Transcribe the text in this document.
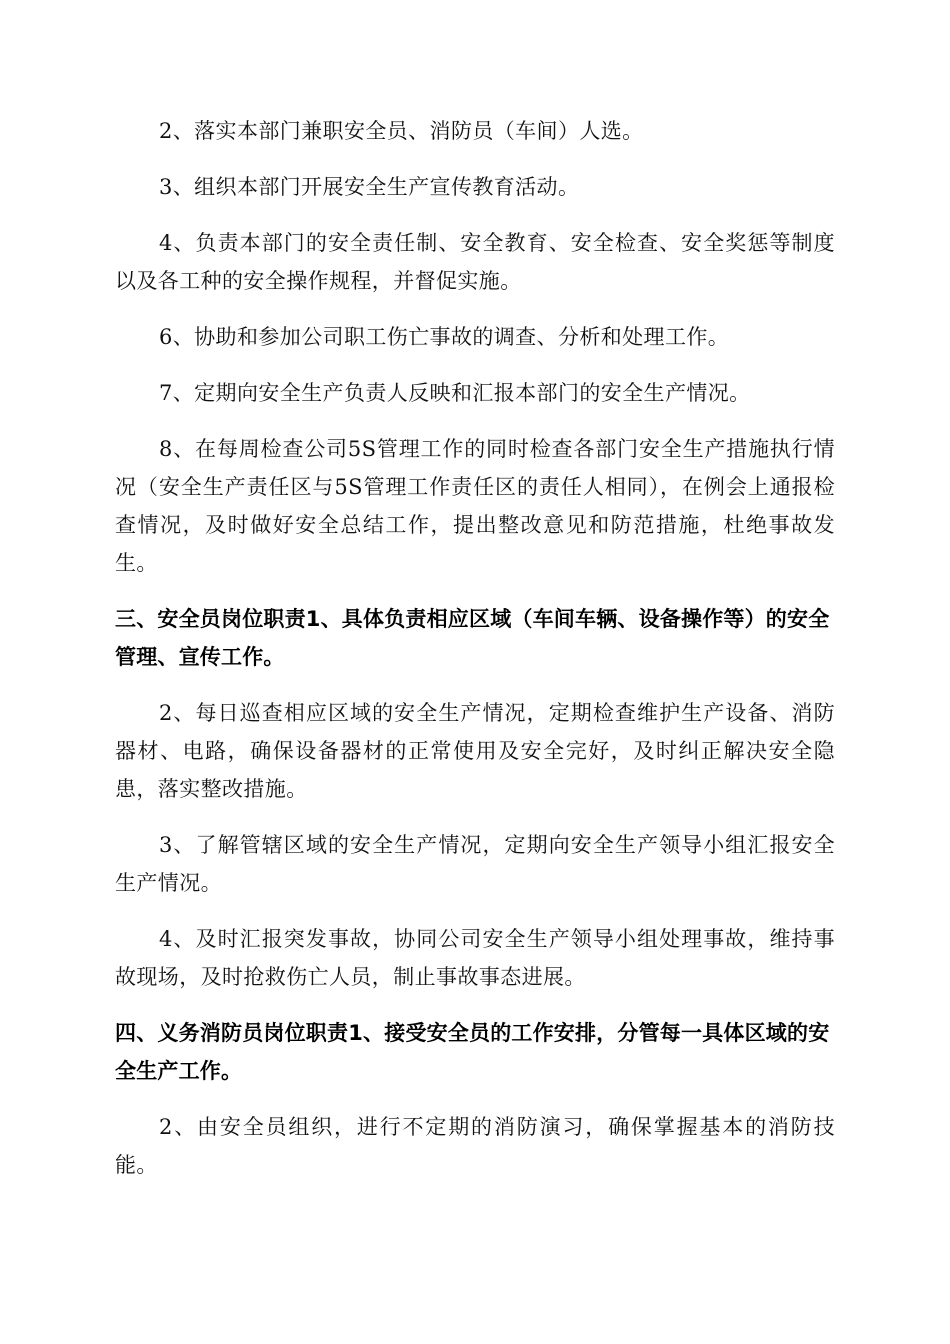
2、落实本部门兼职安全员、消防员（车间）人选。

3、组织本部门开展安全生产宣传教育活动。

4、负责本部门的安全责任制、安全教育、安全检查、安全奖惩等制度以及各工种的安全操作规程，并督促实施。

6、协助和参加公司职工伤亡事故的调查、分析和处理工作。

7、定期向安全生产负责人反映和汇报本部门的安全生产情况。

8、在每周检查公司5S管理工作的同时检查各部门安全生产措施执行情况（安全生产责任区与5S管理工作责任区的责任人相同），在例会上通报检查情况，及时做好安全总结工作，提出整改意见和防范措施，杜绝事故发生。

三、安全员岗位职责1、具体负责相应区域（车间车辆、设备操作等）的安全管理、宣传工作。

2、每日巡查相应区域的安全生产情况，定期检查维护生产设备、消防器材、电路，确保设备器材的正常使用及安全完好，及时纠正解决安全隐患，落实整改措施。

3、了解管辖区域的安全生产情况，定期向安全生产领导小组汇报安全生产情况。

4、及时汇报突发事故，协同公司安全生产领导小组处理事故，维持事故现场，及时抢救伤亡人员，制止事故事态进展。

四、义务消防员岗位职责1、接受安全员的工作安排，分管每一具体区域的安全生产工作。

2、由安全员组织，进行不定期的消防演习，确保掌握基本的消防技能。
